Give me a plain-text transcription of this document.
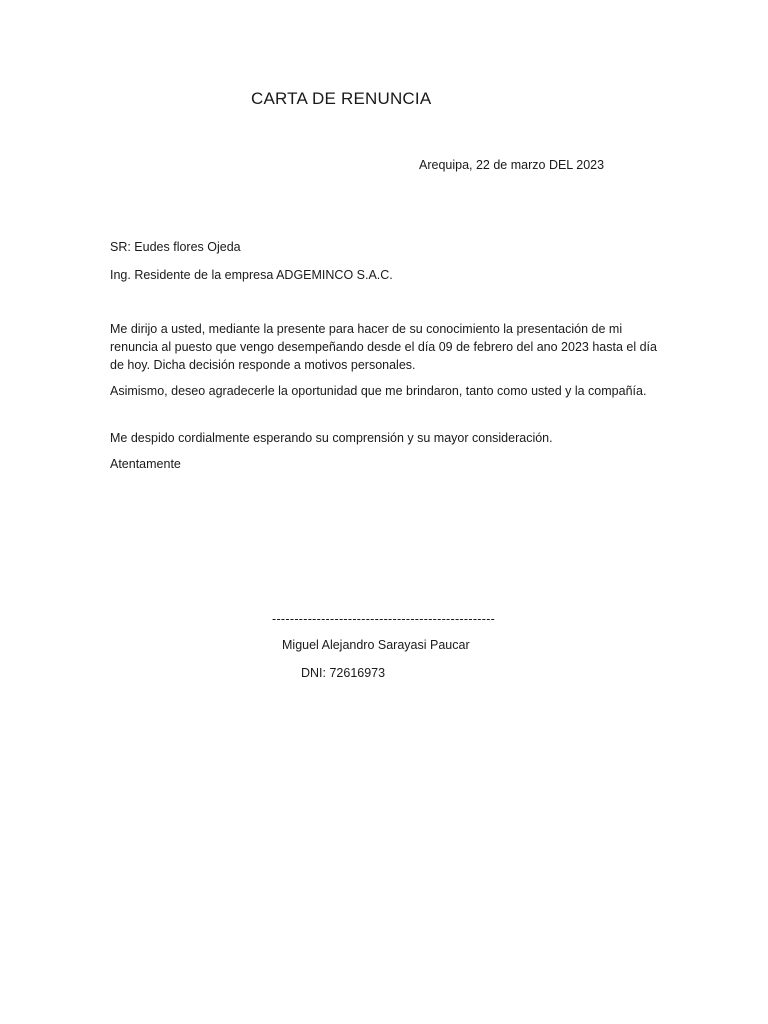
CARTA DE RENUNCIA
Arequipa, 22 de marzo DEL 2023
SR: Eudes flores Ojeda
Ing. Residente de la empresa ADGEMINCO S.A.C.
Me dirijo a usted, mediante la presente para hacer de su conocimiento la presentación de mi renuncia al puesto que vengo desempeñando desde el día 09 de febrero del ano 2023 hasta el día de hoy. Dicha decisión responde a motivos personales.
Asimismo, deseo agradecerle la oportunidad que me brindaron, tanto como usted y la compañía.
Me despido cordialmente esperando su comprensión y su mayor consideración.
Atentamente
--------------------------------------------------
Miguel Alejandro Sarayasi Paucar
DNI: 72616973
